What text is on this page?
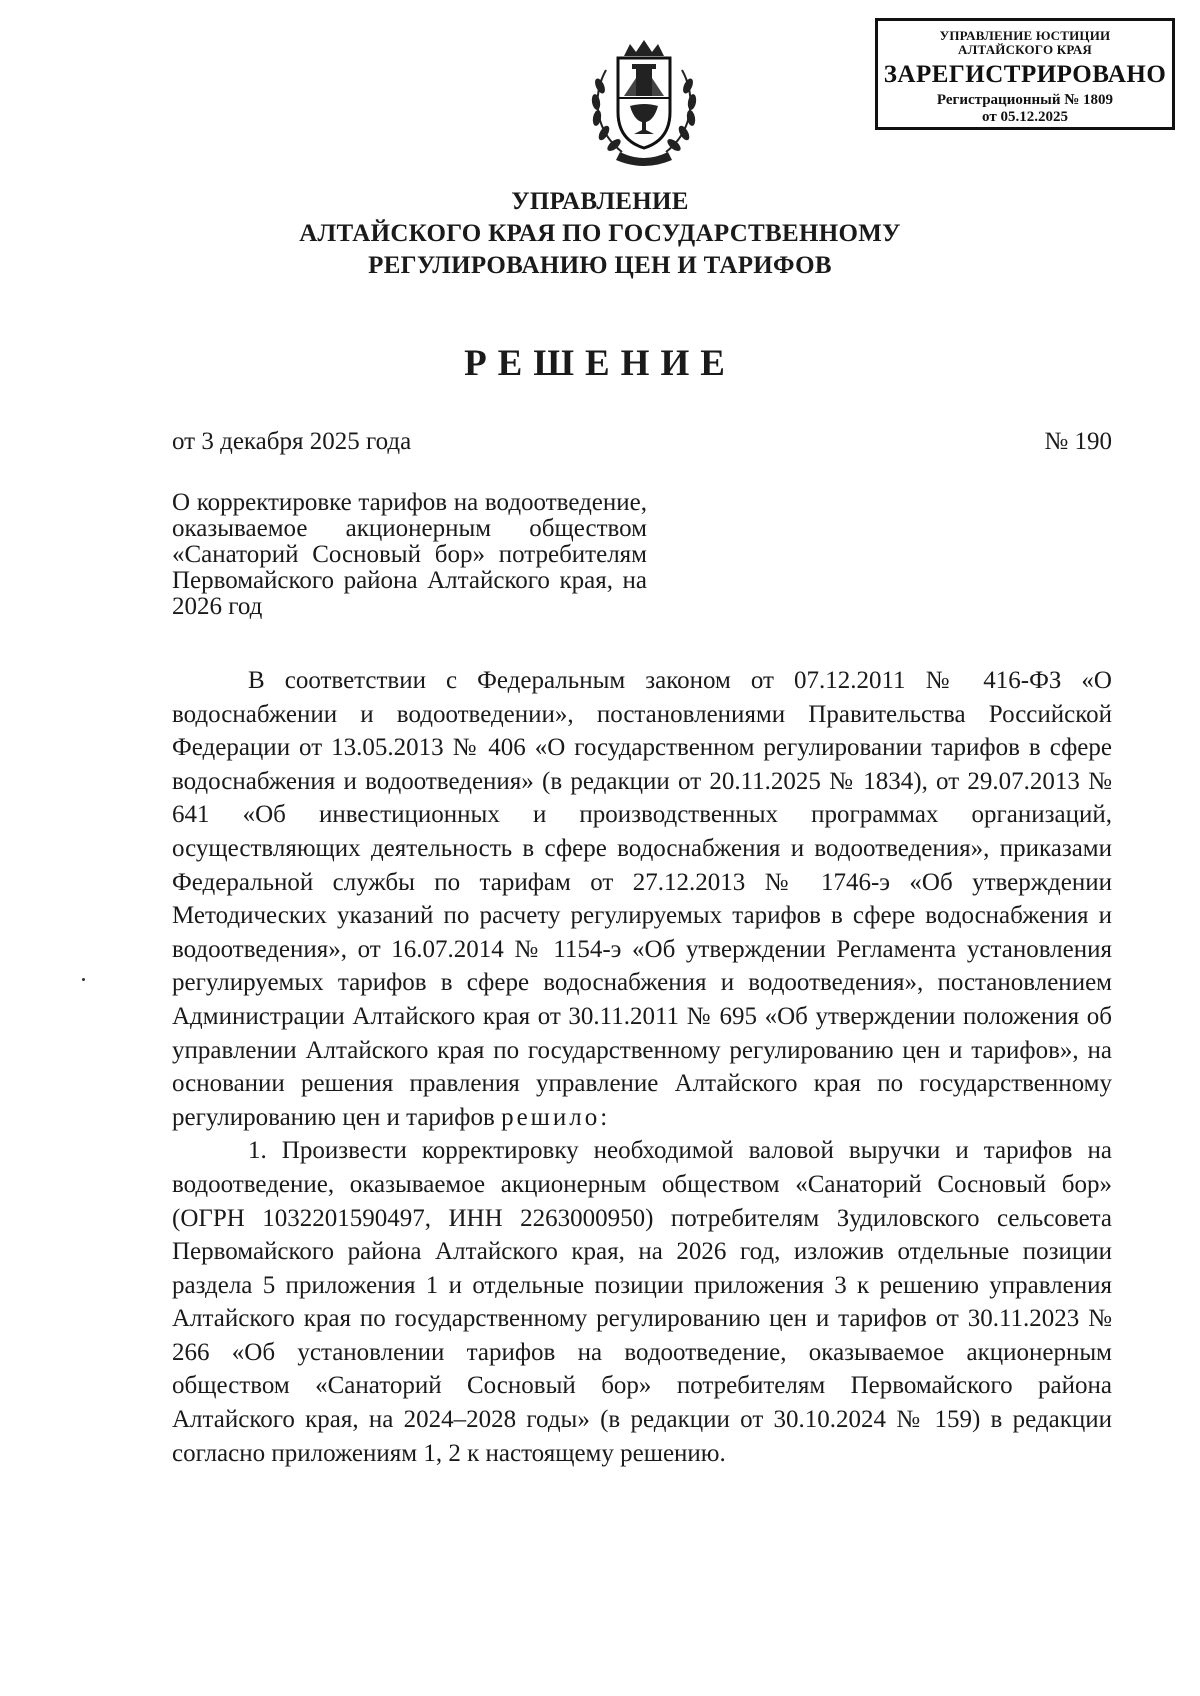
УПРАВЛЕНИЕ ЮСТИЦИИ
АЛТАЙСКОГО КРАЯ
ЗАРЕГИСТРИРОВАНО
Регистрационный № 1809
от 05.12.2025
УПРАВЛЕНИЕ
АЛТАЙСКОГО КРАЯ ПО ГОСУДАРСТВЕННОМУ
РЕГУЛИРОВАНИЮ ЦЕН И ТАРИФОВ
РЕШЕНИЕ
от 3 декабря 2025 года	№ 190
О корректировке тарифов на водоотведение, оказываемое акционерным обществом «Санаторий Сосновый бор» потребителям Первомайского района Алтайского края, на 2026 год

В соответствии с Федеральным законом от 07.12.2011 № 416-ФЗ «О водоснабжении и водоотведении», постановлениями Правительства Российской Федерации от 13.05.2013 № 406 «О государственном регулировании тарифов в сфере водоснабжения и водоотведения» (в редакции от 20.11.2025 № 1834), от 29.07.2013 № 641 «Об инвестиционных и производственных программах организаций, осуществляющих деятельность в сфере водоснабжения и водоотведения», приказами Федеральной службы по тарифам от 27.12.2013 № 1746-э «Об утверждении Методических указаний по расчету регулируемых тарифов в сфере водоснабжения и водоотведения», от 16.07.2014 № 1154-э «Об утверждении Регламента установления регулируемых тарифов в сфере водоснабжения и водоотведения», постановлением Администрации Алтайского края от 30.11.2011 № 695 «Об утверждении положения об управлении Алтайского края по государственному регулированию цен и тарифов», на основании решения правления управление Алтайского края по государственному регулированию цен и тарифов решило:

1. Произвести корректировку необходимой валовой выручки и тарифов на водоотведение, оказываемое акционерным обществом «Санаторий Сосновый бор» (ОГРН 1032201590497, ИНН 2263000950) потребителям Зудиловского сельсовета Первомайского района Алтайского края, на 2026 год, изложив отдельные позиции раздела 5 приложения 1 и отдельные позиции приложения 3 к решению управления Алтайского края по государственному регулированию цен и тарифов от 30.11.2023 № 266 «Об установлении тарифов на водоотведение, оказываемое акционерным обществом «Санаторий Сосновый бор» потребителям Первомайского района Алтайского края, на 2024–2028 годы» (в редакции от 30.10.2024 № 159) в редакции согласно приложениям 1, 2 к настоящему решению.
